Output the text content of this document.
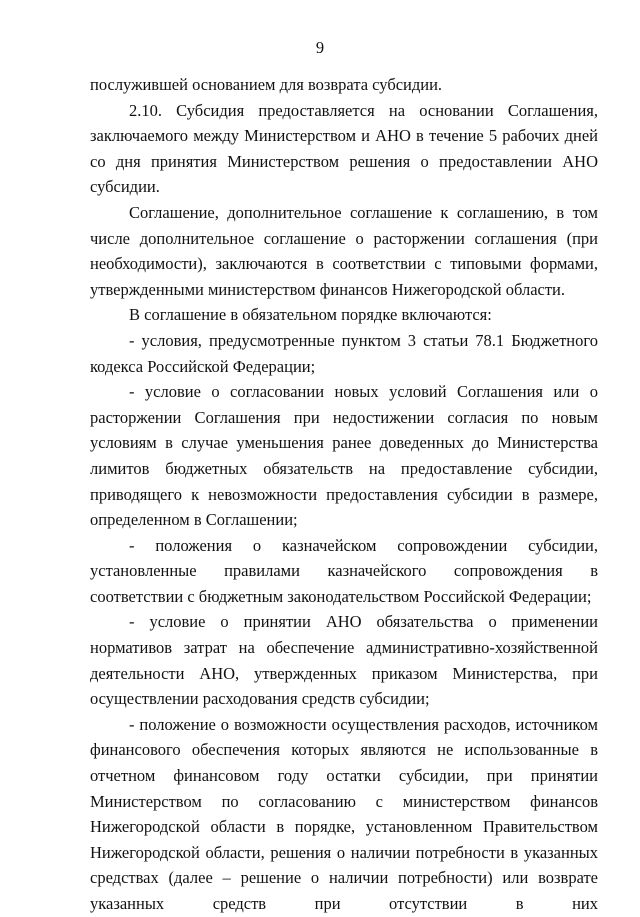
9

послужившей основанием для возврата субсидии.

2.10. Субсидия предоставляется на основании Соглашения, заключаемого между Министерством и АНО в течение 5 рабочих дней со дня принятия Министерством решения о предоставлении АНО субсидии.

Соглашение, дополнительное соглашение к соглашению, в том числе дополнительное соглашение о расторжении соглашения (при необходимости), заключаются в соответствии с типовыми формами, утвержденными министерством финансов Нижегородской области.

В соглашение в обязательном порядке включаются:

- условия, предусмотренные пунктом 3 статьи 78.1 Бюджетного кодекса Российской Федерации;

- условие о согласовании новых условий Соглашения или о расторжении Соглашения при недостижении согласия по новым условиям в случае уменьшения ранее доведенных до Министерства лимитов бюджетных обязательств на предоставление субсидии, приводящего к невозможности предоставления субсидии в размере, определенном в Соглашении;

- положения о казначейском сопровождении субсидии, установленные правилами казначейского сопровождения в соответствии с бюджетным законодательством Российской Федерации;

- условие о принятии АНО обязательства о применении нормативов затрат на обеспечение административно-хозяйственной деятельности АНО, утвержденных приказом Министерства, при осуществлении расходования средств субсидии;

- положение о возможности осуществления расходов, источником финансового обеспечения которых являются не использованные в отчетном финансовом году остатки субсидии, при принятии Министерством по согласованию с министерством финансов Нижегородской области в порядке, установленном Правительством Нижегородской области, решения о наличии потребности в указанных средствах (далее – решение о наличии потребности) или возврате указанных средств при отсутствии в них
